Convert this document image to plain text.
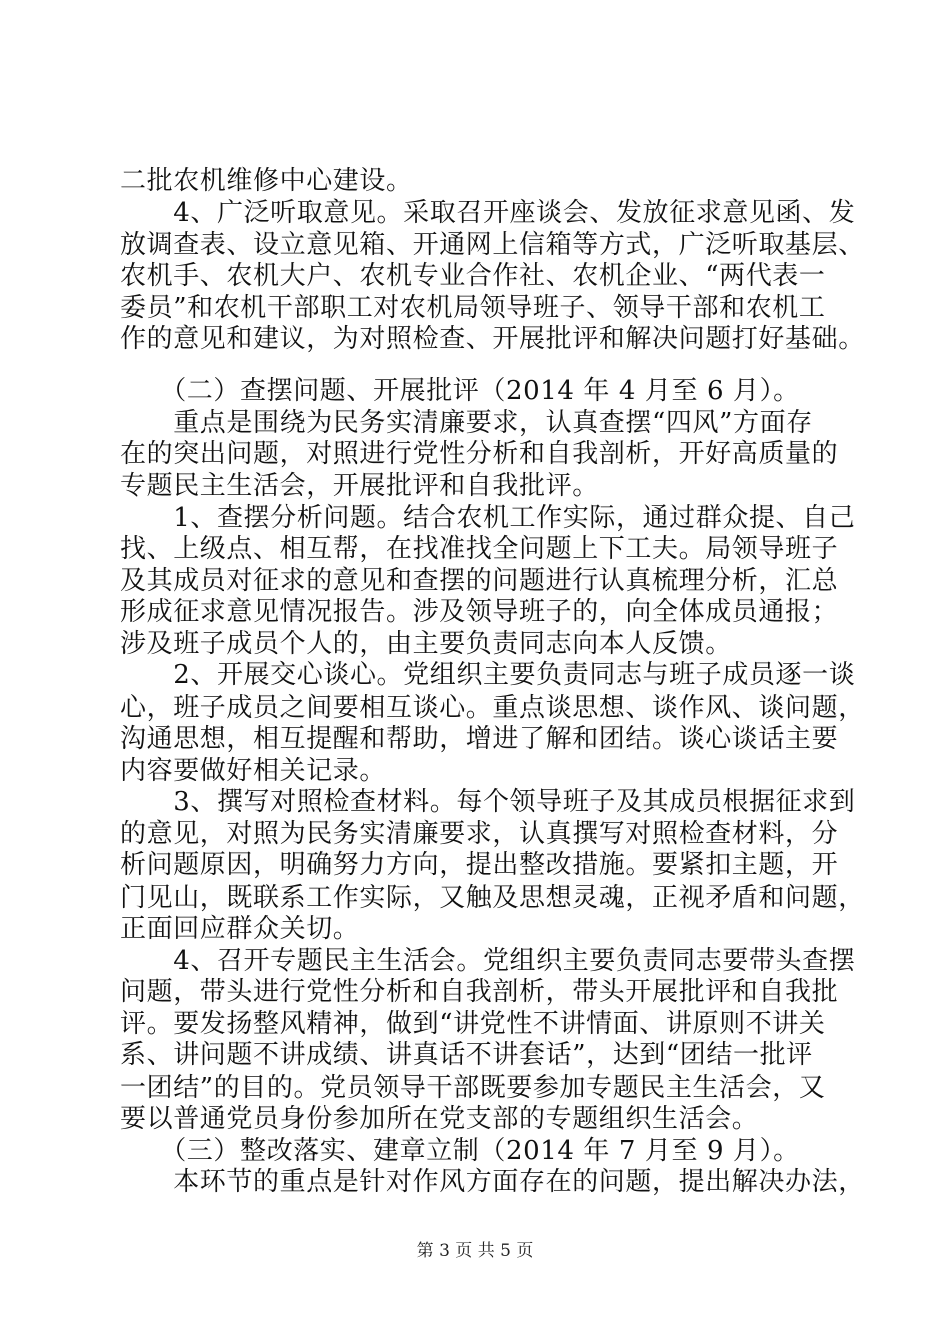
二批农机维修中心建设。
　　4、广泛听取意见。采取召开座谈会、发放征求意见函、发
放调查表、设立意见箱、开通网上信箱等方式，广泛听取基层、
农机手、农机大户、农机专业合作社、农机企业、“两代表一
委员”和农机干部职工对农机局领导班子、领导干部和农机工
作的意见和建议，为对照检查、开展批评和解决问题打好基础。
　　（二）查摆问题、开展批评（2014 年 4 月至 6 月）。
　　重点是围绕为民务实清廉要求，认真查摆“四风”方面存
在的突出问题，对照进行党性分析和自我剖析，开好高质量的
专题民主生活会，开展批评和自我批评。
　　1、查摆分析问题。结合农机工作实际，通过群众提、自己
找、上级点、相互帮，在找准找全问题上下工夫。局领导班子
及其成员对征求的意见和查摆的问题进行认真梳理分析，汇总
形成征求意见情况报告。涉及领导班子的，向全体成员通报；
涉及班子成员个人的，由主要负责同志向本人反馈。
　　2、开展交心谈心。党组织主要负责同志与班子成员逐一谈
心，班子成员之间要相互谈心。重点谈思想、谈作风、谈问题，
沟通思想，相互提醒和帮助，增进了解和团结。谈心谈话主要
内容要做好相关记录。
　　3、撰写对照检查材料。每个领导班子及其成员根据征求到
的意见，对照为民务实清廉要求，认真撰写对照检查材料，分
析问题原因，明确努力方向，提出整改措施。要紧扣主题，开
门见山，既联系工作实际，又触及思想灵魂，正视矛盾和问题，
正面回应群众关切。
　　4、召开专题民主生活会。党组织主要负责同志要带头查摆
问题，带头进行党性分析和自我剖析，带头开展批评和自我批
评。要发扬整风精神，做到“讲党性不讲情面、讲原则不讲关
系、讲问题不讲成绩、讲真话不讲套话”，达到“团结一批评
一团结”的目的。党员领导干部既要参加专题民主生活会，又
要以普通党员身份参加所在党支部的专题组织生活会。
　　（三）整改落实、建章立制（2014 年 7 月至 9 月）。
　　本环节的重点是针对作风方面存在的问题，提出解决办法，
第 3 页 共 5 页
